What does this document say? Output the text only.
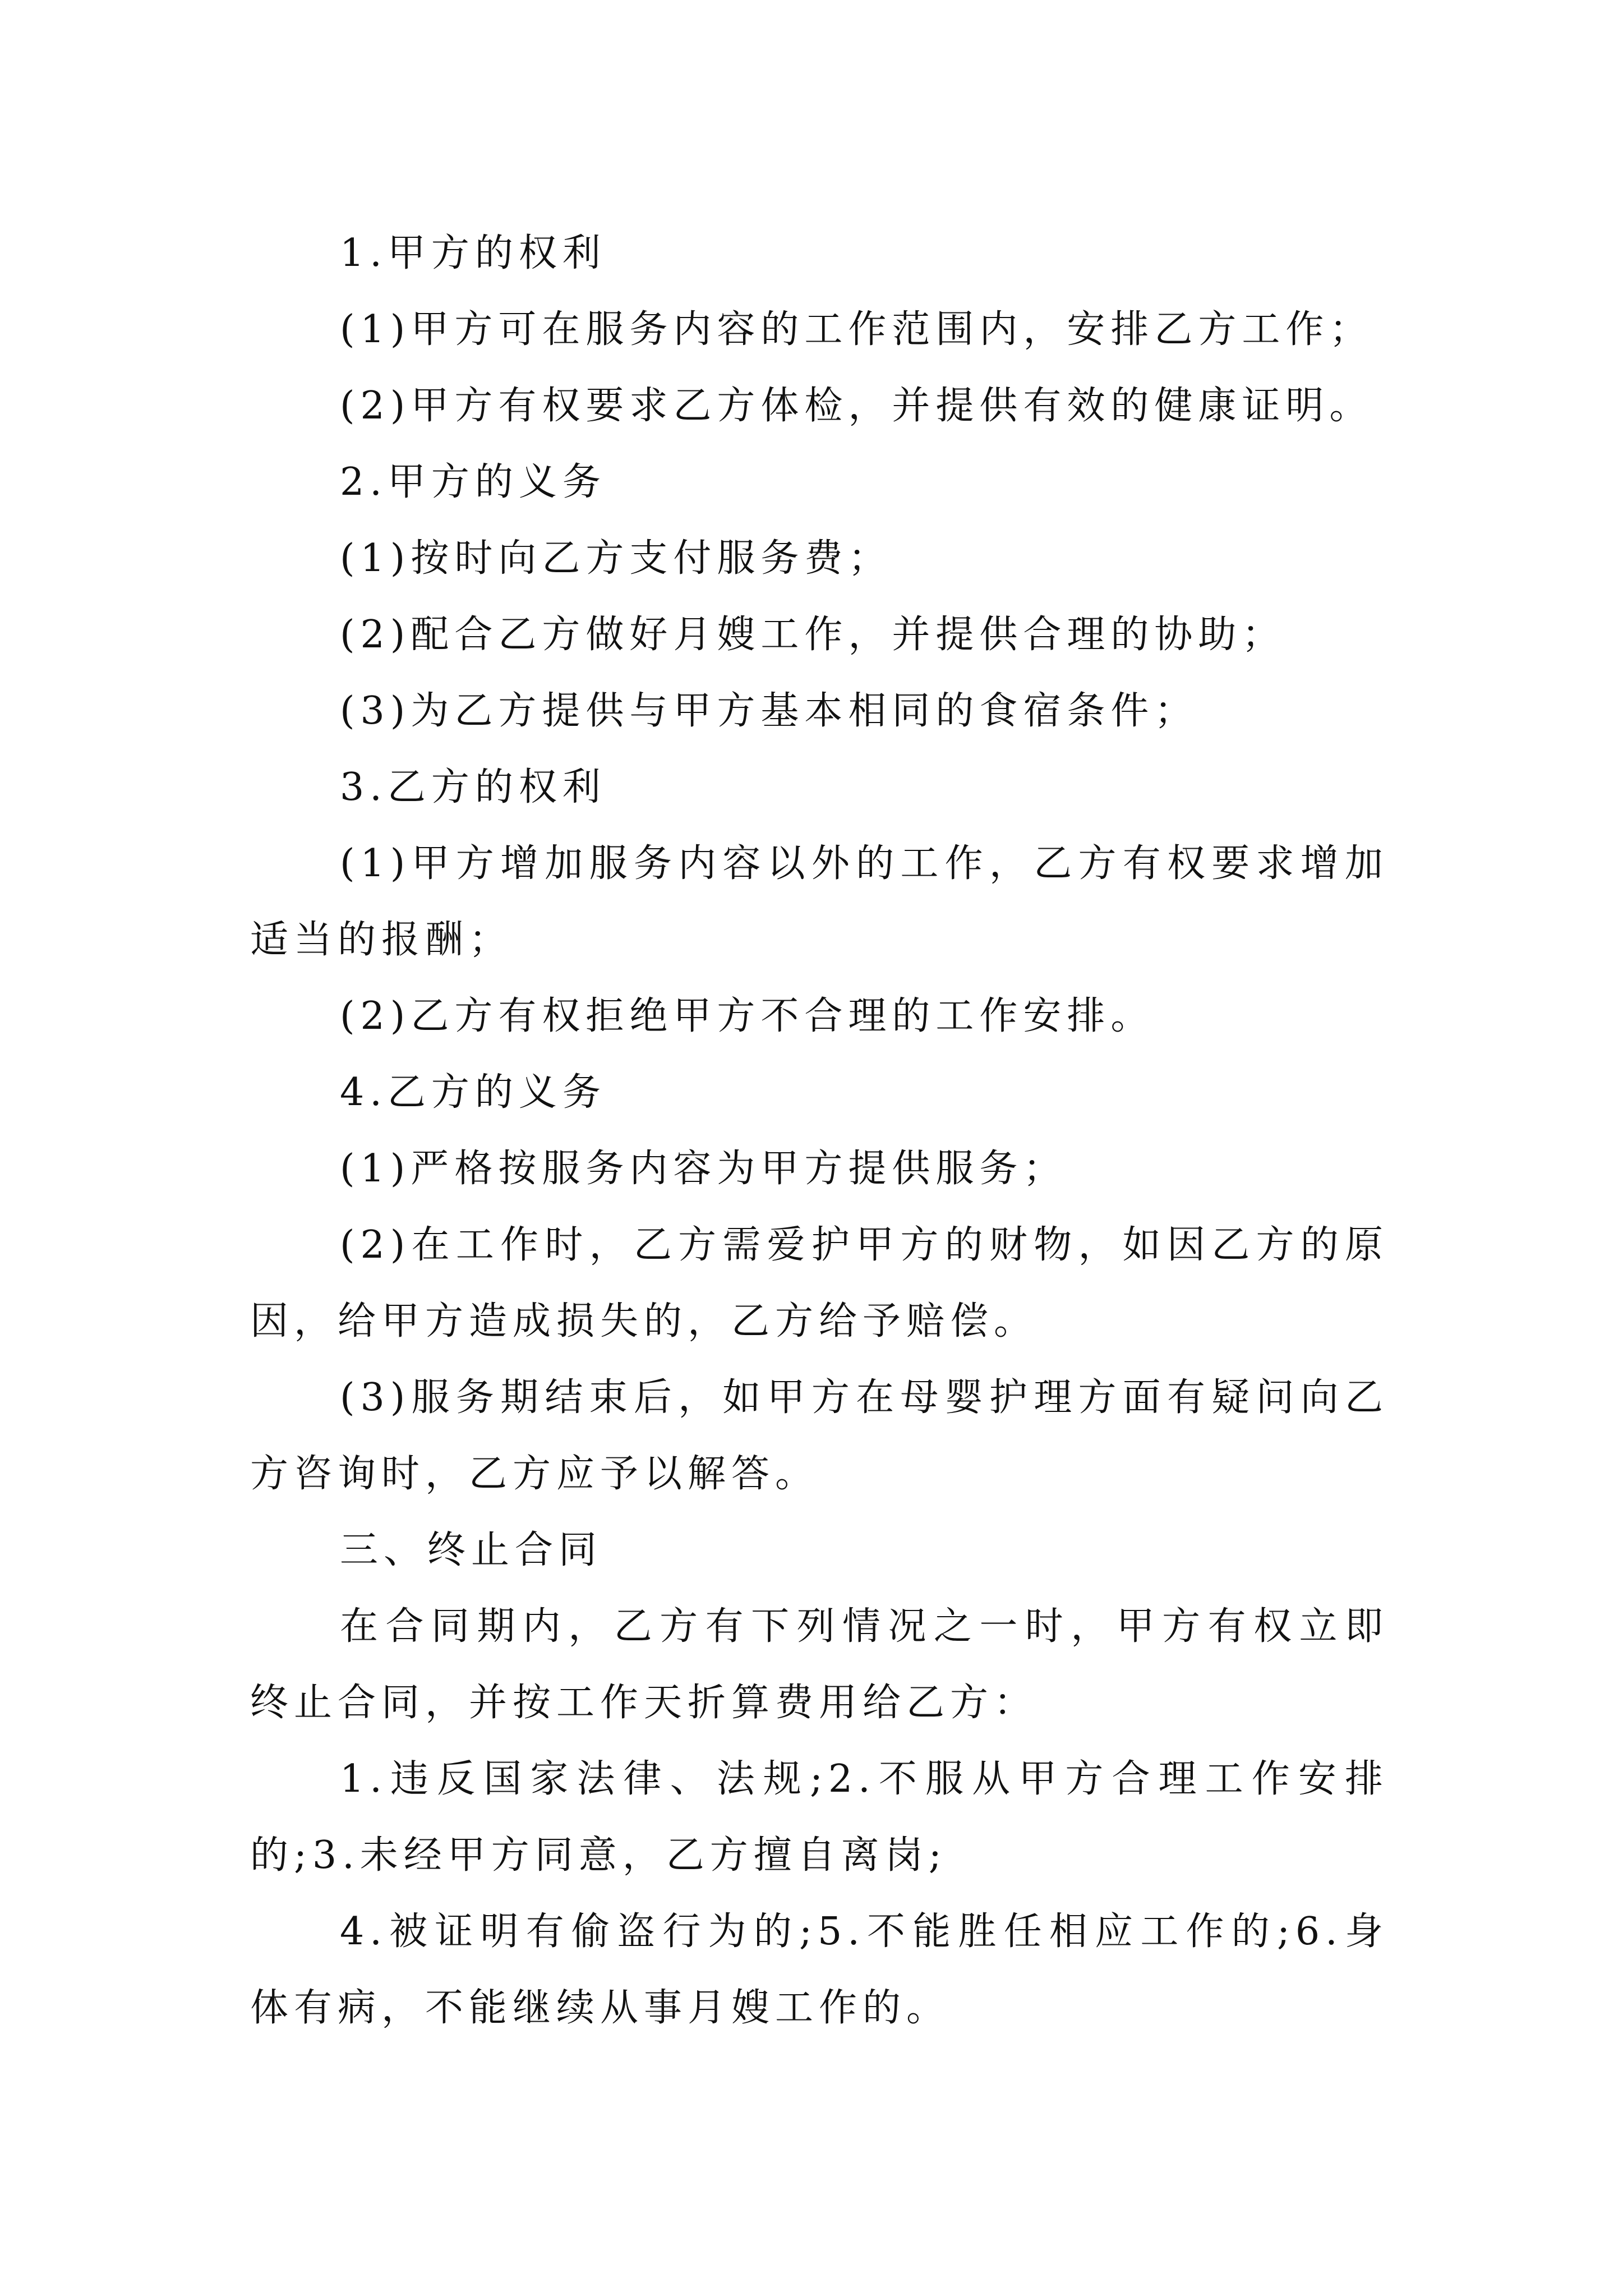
1.甲方的权利

(1)甲方可在服务内容的工作范围内，安排乙方工作；

(2)甲方有权要求乙方体检，并提供有效的健康证明。

2.甲方的义务

(1)按时向乙方支付服务费；

(2)配合乙方做好月嫂工作，并提供合理的协助；

(3)为乙方提供与甲方基本相同的食宿条件；

3.乙方的权利

(1)甲方增加服务内容以外的工作，乙方有权要求增加适当的报酬；

(2)乙方有权拒绝甲方不合理的工作安排。

4.乙方的义务

(1)严格按服务内容为甲方提供服务；

(2)在工作时，乙方需爱护甲方的财物，如因乙方的原因，给甲方造成损失的，乙方给予赔偿。

(3)服务期结束后，如甲方在母婴护理方面有疑问向乙方咨询时，乙方应予以解答。

三、终止合同

在合同期内，乙方有下列情况之一时，甲方有权立即终止合同，并按工作天折算费用给乙方：

1.违反国家法律、法规;2.不服从甲方合理工作安排的;3.未经甲方同意，乙方擅自离岗;

4.被证明有偷盗行为的;5.不能胜任相应工作的;6.身体有病，不能继续从事月嫂工作的。
